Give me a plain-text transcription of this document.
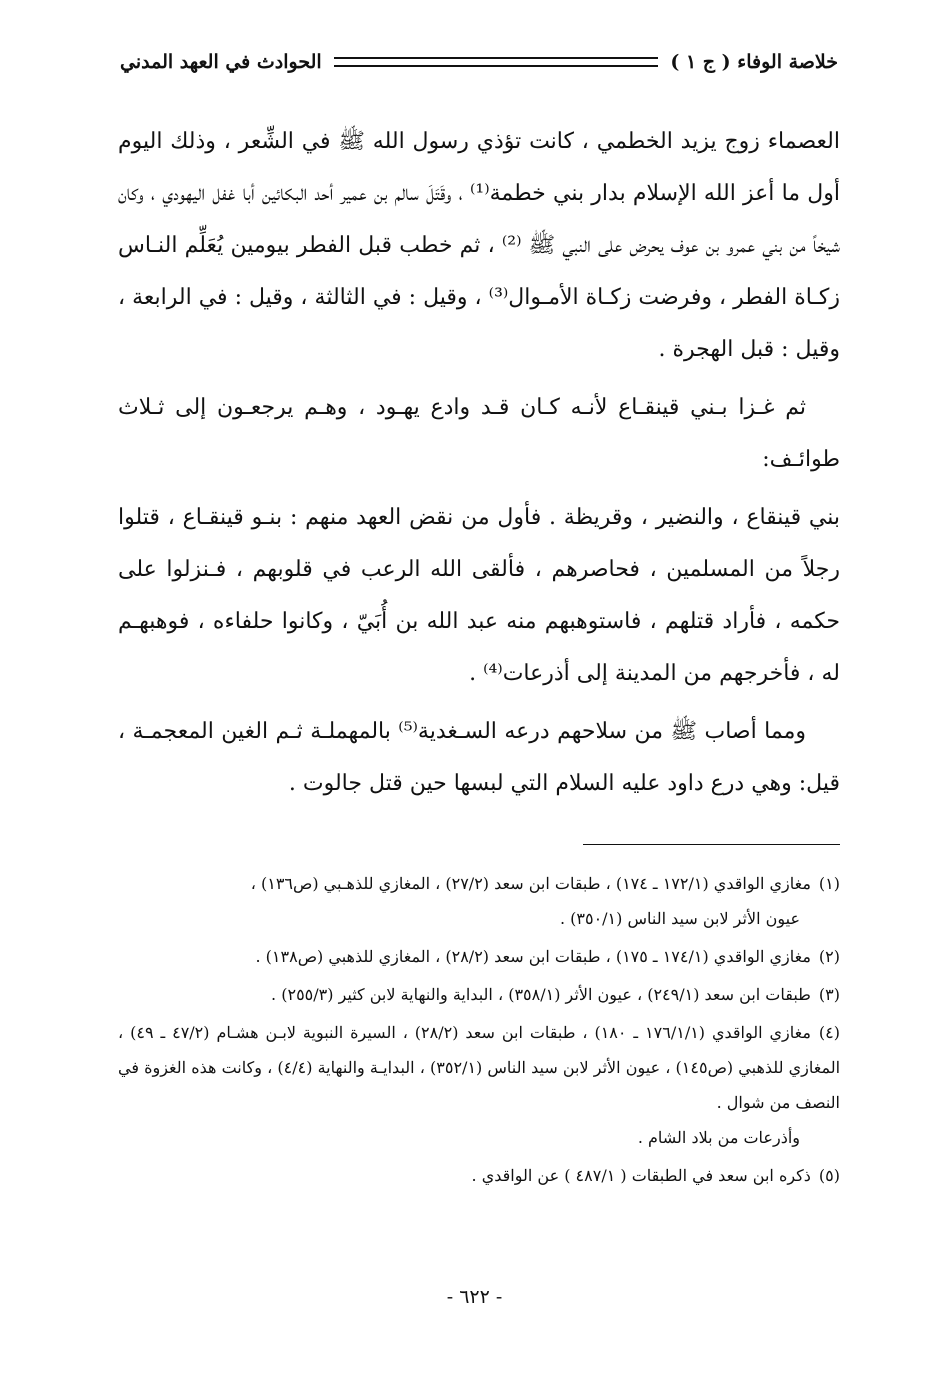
خلاصة الوفاء ( ج ١ )
الحوادث في العهد المدني

العصماء زوج يزيد الخطمي ، كانت تؤذي رسول الله ﷺ في الشِّعر ، وذلك اليوم أول ما أعز الله الإسلام بدار بني خطمة⁽¹⁾ ، وقَتَلَ سالم بن عمير أحد البكائين أبا غفل اليهودي ، وكان شيخاً من بني عمرو بن عوف يحرض على النبي ﷺ ⁽²⁾ ، ثم خطب قبل الفطر بيومين يُعَلِّم النـاس زكـاة الفطر ، وفرضت زكـاة الأمـوال⁽³⁾ ، وقيل : في الثالثة ، وقيل : في الرابعة ، وقيل : قبل الهجرة .

ثم غـزا بـني قينقـاع لأنـه كـان قـد وادع يهـود ، وهـم يرجعـون إلى ثـلاث طوائـف:

بني قينقاع ، والنضير ، وقريظة . فأول من نقض العهد منهم : بنـو قينقـاع ، قتلوا رجلاً من المسلمين ، فحاصرهم ، فألقى الله الرعب في قلوبهم ، فـنزلوا على حكمه ، فأراد قتلهم ، فاستوهبهم منه عبد الله بن أُبَيّ ، وكانوا حلفاءه ، فوهبهـم له ، فأخرجهم من المدينة إلى أذرعات⁽⁴⁾ .

ومما أصاب ﷺ من سلاحهم درعه السـغدية⁽⁵⁾ بالمهملـة ثـم الغين المعجمـة ، قيل: وهي درع داود عليه السلام التي لبسها حين قتل جالوت .

(١)مغازي الواقدي (١٧٢/١ ـ ١٧٤) ، طبقات ابن سعد (٢٧/٢) ، المغازي للذهـبي (ص١٣٦) ،
عيون الأثر لابن سيد الناس (٣٥٠/١) .
(٢)مغازي الواقدي (١٧٤/١ ـ ١٧٥) ، طبقات ابن سعد (٢٨/٢) ، المغازي للذهبي (ص١٣٨) .
(٣)طبقات ابن سعد (٢٤٩/١) ، عيون الأثر (٣٥٨/١) ، البداية والنهاية لابن كثير (٢٥٥/٣) .
(٤)مغازي الواقدي (١٧٦/١/١ ـ ١٨٠) ، طبقات ابن سعد (٢٨/٢) ، السيرة النبوية لابـن هشـام (٤٧/٢ ـ ٤٩) ، المغازي للذهبي (ص١٤٥) ، عيون الأثر لابن سيد الناس (٣٥٢/١) ، البدايـة والنهاية (٤/٤) ، وكانت هذه الغزوة في النصف من شوال .
وأذرعات من بلاد الشام .
(٥)ذكره ابن سعد في الطبقات ( ٤٨٧/١ ) عن الواقدي .
- ٦٢٢ -
